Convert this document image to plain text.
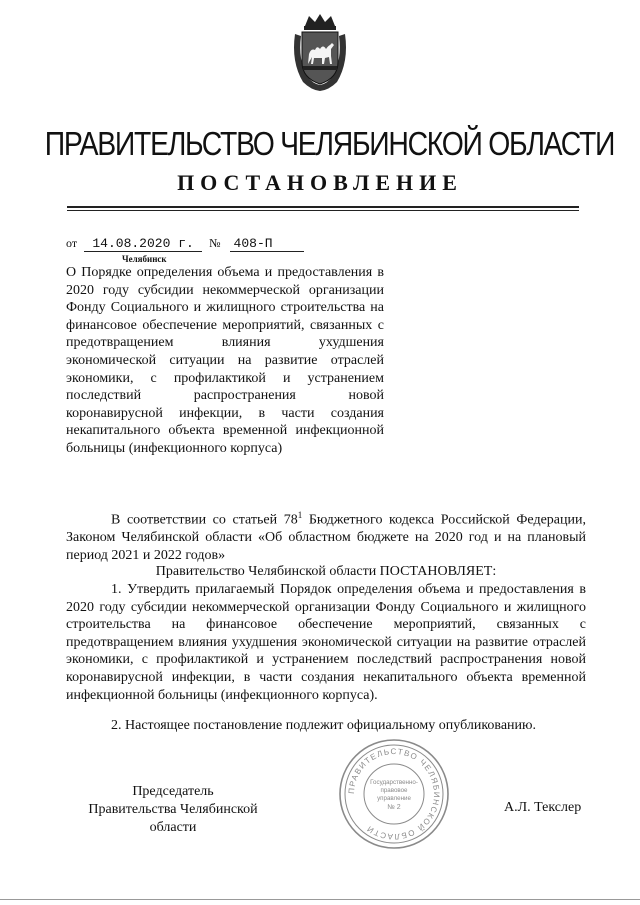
ПРАВИТЕЛЬСТВО ЧЕЛЯБИНСКОЙ ОБЛАСТИ
ПОСТАНОВЛЕНИЕ
от 14.08.2020 г. № 408-П
Челябинск
О Порядке определения объема и предоставления в 2020 году субсидии некоммерческой организации Фонду Социального и жилищного строительства на финансовое обеспечение мероприятий, связанных с предотвращением влияния ухудшения экономической ситуации на развитие отраслей экономики, с профилактикой и устранением последствий распространения новой коронавирусной инфекции, в части создания некапитального объекта временной инфекционной больницы (инфекционного корпуса)

В соответствии со статьей $78^1$ Бюджетного кодекса Российской Федерации, Законом Челябинской области «Об областном бюджете на 2020 год и на плановый период 2021 и 2022 годов»

Правительство Челябинской области ПОСТАНОВЛЯЕТ:

1. Утвердить прилагаемый Порядок определения объема и предоставления в 2020 году субсидии некоммерческой организации Фонду Социального и жилищного строительства на финансовое обеспечение мероприятий, связанных с предотвращением влияния ухудшения экономической ситуации на развитие отраслей экономики, с профилактикой и устранением последствий распространения новой коронавирусной инфекции, в части создания некапитального объекта временной инфекционной больницы (инфекционного корпуса).

2. Настоящее постановление подлежит официальному опубликованию.

Председатель
Правительства Челябинской области
А.Л. Текслер
ПРАВИТЕЛЬСТВО ЧЕЛЯБИНСКОЙ ОБЛАСТИ
Государственно-
правовое
управление
№ 2
